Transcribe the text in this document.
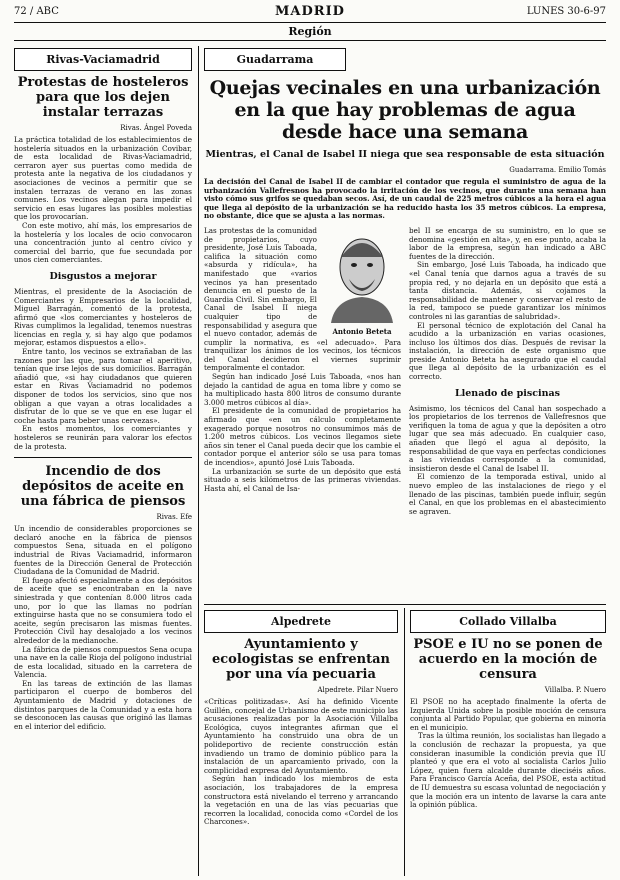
72 / ABC	MADRID	LUNES 30-6-97
Región
Rivas-Vaciamadrid
Protestas de hosteleros para que los dejen instalar terrazas
Rivas. Ángel Poveda

La práctica totalidad de los establecimientos de hostelería situados en la urbanización Covibar, de esta localidad de Rivas-Vaciamadrid, cerraron ayer sus puertas como medida de protesta ante la negativa de los ciudadanos y asociaciones de vecinos a permitir que se instalen terrazas de verano en las zonas comunes. Los vecinos alegan para impedir el servicio en esas lugares las posibles molestias que los provocarían.

Con este motivo, ahí más, los empresarios de la hostelería y los locales de ocio convocaron una concentración junto al centro cívico y comercial del barrio, que fue secundada por unos cien comerciantes.

Disgustos a mejorar

Mientras, el presidente de la Asociación de Comerciantes y Empresarios de la localidad, Miguel Barragán, comentó de la protesta, afirmó que «los comerciantes y hosteleros de Rivas cumplimos la legalidad, tenemos nuestras licencias en regla y, si hay algo que podamos mejorar, estamos dispuestos a ello».

Entre tanto, los vecinos se extrañaban de las razones por las que, para tomar el aperitivo, tenían que irse lejos de sus domicilios. Barragán añadió que, «si hay ciudadanos que quieren estar en Rivas Vaciamadrid no podemos disponer de todos los servicios, sino que nos obligan a que vayan a otras localidades a disfrutar de lo que se ve que en ese lugar el coche hasta para beber unas cervezas».

En estos momentos, los comerciantes y hosteleros se reunirán para valorar los efectos de la protesta.

Incendio de dos depósitos de aceite en una fábrica de piensos
Rivas. Efe

Un incendio de considerables proporciones se declaró anoche en la fábrica de piensos compuestos Sena, situada en el polígono industrial de Rivas Vaciamadrid, informaron fuentes de la Dirección General de Protección Ciudadana de la Comunidad de Madrid.

El fuego afectó especialmente a dos depósitos de aceite que se encontraban en la nave siniestrada y que contenían 8.000 litros cada uno, por lo que las llamas no podrían extinguirse hasta que no se consumiera todo el aceite, según precisaron las mismas fuentes. Protección Civil hay desalojado a los vecinos alrededor de la medianoche.

La fábrica de piensos compuestos Sena ocupa una nave en la calle Rioja del polígono industrial de esta localidad, situado en la carretera de Valencia.

En las tareas de extinción de las llamas participaron el cuerpo de bomberos del Ayuntamiento de Madrid y dotaciones de distintos parques de la Comunidad y a esta hora se desconocen las causas que originó las llamas en el interior del edificio.

Guadarrama
Quejas vecinales en una urbanización en la que hay problemas de agua desde hace una semana
Mientras, el Canal de Isabel II niega que sea responsable de esta situación
Guadarrama. Emilio Tomás

La decisión del Canal de Isabel II de cambiar el contador que regula el suministro de agua de la urbanización Vallefresnos ha provocado la irritación de los vecinos, que durante una semana han visto cómo sus grifos se quedaban secos. Así, de un caudal de 225 metros cúbicos a la hora el agua que llega al depósito de la urbanización se ha reducido hasta los 35 metros cúbicos. La empresa, no obstante, dice que se ajusta a las normas.

Antonio Beteta

Las protestas de la comunidad de propietarios, cuyo presidente, José Luis Taboada, califica la situación como «absurda y ridícula», ha manifestado que «varios vecinos ya han presentado denuncia en el puesto de la Guardia Civil. Sin embargo, El Canal de Isabel II niega cualquier tipo de responsabilidad y asegura que el nuevo contador, además de cumplir la normativa, es «el adecuado». Para tranquilizar los ánimos de los vecinos, los técnicos del Canal decidieron el viernes suprimir temporalmente el contador.

Según han indicado José Luis Taboada, «nos han dejado la cantidad de agua en toma libre y como se ha multiplicado hasta 800 litros de consumo durante 3.000 metros cúbicos al día».

El presidente de la comunidad de propietarios ha afirmado que «en un cálculo completamente exagerado porque nosotros no consumimos más de 1.200 metros cúbicos. Los vecinos llegamos siete años sin tener el Canal pueda decir que los cambie el contador porque el anterior sólo se usa para tomas de incendios», apuntó José Luis Taboada.

La urbanización se surte de un depósito que está situado a seis kilómetros de las primeras viviendas. Hasta ahí, el Canal de Isa-

bel II se encarga de su suministro, en lo que se denomina «gestión en alta», y, en ese punto, acaba la labor de la empresa, según han indicado a ABC fuentes de la dirección.

Sin embargo, José Luis Taboada, ha indicado que «el Canal tenía que darnos agua a través de su propia red, y no dejarla en un depósito que está a tanta distancia. Además, si cojamos la responsabilidad de mantener y conservar el resto de la red, tampoco se puede garantizar los mínimos controles ni las garantías de salubridad».

El personal técnico de explotación del Canal ha acudido a la urbanización en varias ocasiones, incluso los últimos dos días. Después de revisar la instalación, la dirección de este organismo que preside Antonio Beteta ha asegurado que el caudal que llega al depósito de la urbanización es el correcto.

Llenado de piscinas

Asimismo, los técnicos del Canal han sospechado a los propietarios de los terrenos de Vallefresnos que verifiquen la toma de agua y que la depósiten a otro lugar que sea más adecuado. En cualquier caso, añaden que llegó el agua al depósito, la responsabilidad de que vaya en perfectas condiciones a las viviendas corresponde a la comunidad, insistieron desde el Canal de Isabel II.

El comienzo de la temporada estival, unido al nuevo empleo de las instalaciones de riego y el llenado de las piscinas, también puede influir, según el Canal, en que los problemas en el abastecimiento se agraven.

Alpedrete
Ayuntamiento y ecologistas se enfrentan por una vía pecuaria
Alpedrete. Pilar Nuero

«Críticas politizadas». Así ha definido Vicente Guillén, concejal de Urbanismo de este municipio las acusaciones realizadas por la Asociación Villalba Ecológica, cuyos integrantes afirman que el Ayuntamiento ha construido una obra de un polideportivo de reciente construcción están invadiendo un tramo de dominio público para la instalación de un aparcamiento privado, con la complicidad expresa del Ayuntamiento.

Según han indicado los miembros de esta asociación, los trabajadores de la empresa constructora está nivelando el terreno y arrancando la vegetación en una de las vías pecuarias que recorren la localidad, conocida como «Cordel de los Charcones».

Collado Villalba
PSOE e IU no se ponen de acuerdo en la moción de censura
Villalba. P. Nuero

El PSOE no ha aceptado finalmente la oferta de Izquierda Unida sobre la posible moción de censura conjunta al Partido Popular, que gobierna en minoría en el municipio.

Tras la última reunión, los socialistas han llegado a la conclusión de rechazar la propuesta, ya que consideran inasumible la condición previa que IU planteó y que era el voto al socialista Carlos Julio López, quien fuera alcalde durante dieciséis años. Para Francisco García Aceña, del PSOE, esta actitud de IU demuestra su escasa voluntad de negociación y que la moción era un intento de lavarse la cara ante la opinión pública.
